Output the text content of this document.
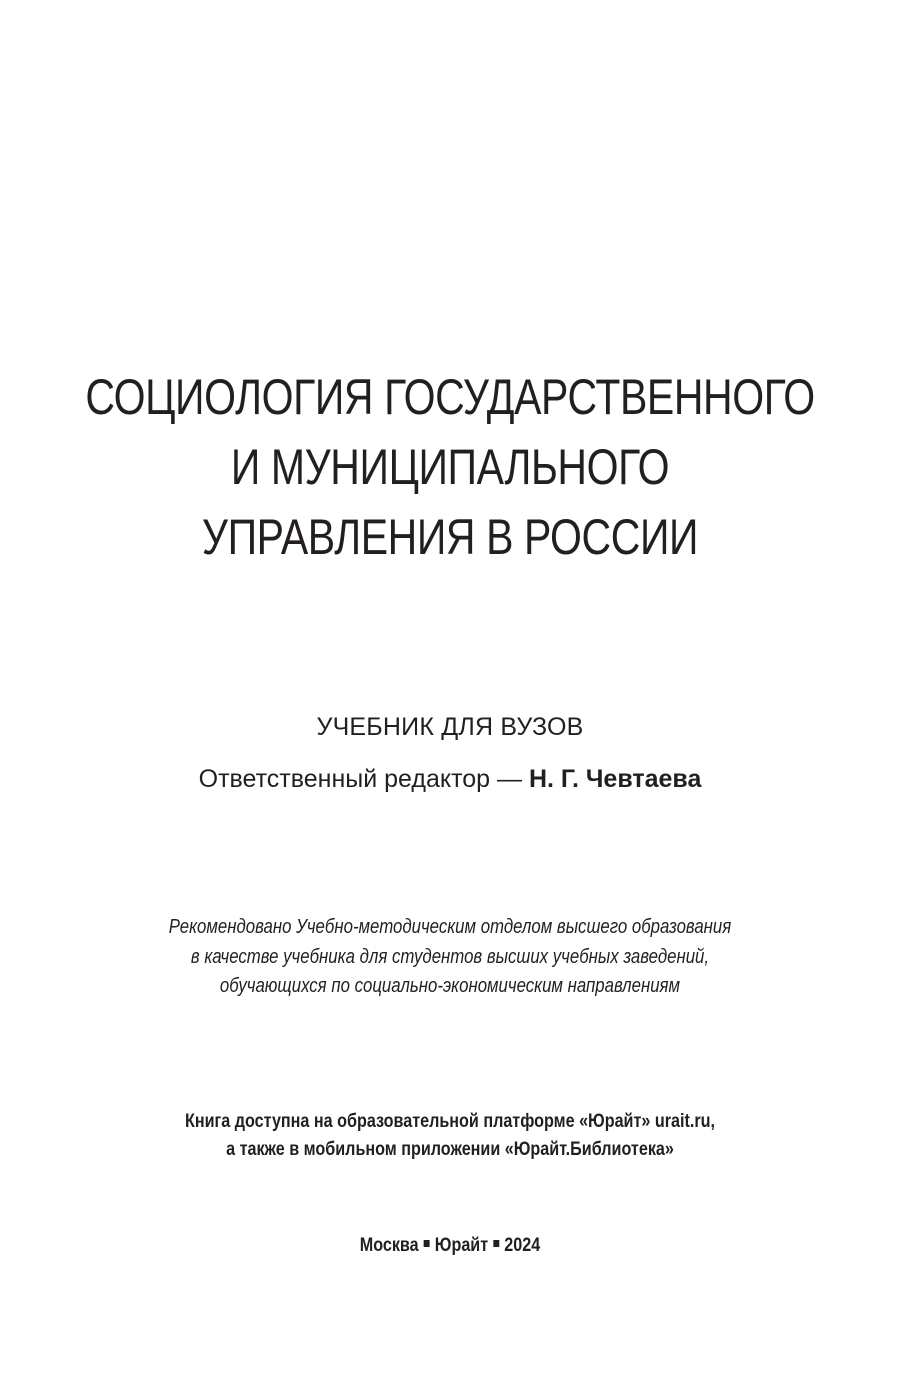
СОЦИОЛОГИЯ ГОСУДАРСТВЕННОГО
И МУНИЦИПАЛЬНОГО
УПРАВЛЕНИЯ В РОССИИ
УЧЕБНИК ДЛЯ ВУЗОВ
Ответственный редактор — Н. Г. Чевтаева
Рекомендовано Учебно-методическим отделом высшего образования
в качестве учебника для студентов высших учебных заведений,
обучающихся по социально-экономическим направлениям
Книга доступна на образовательной платформе «Юрайт» urait.ru,
а также в мобильном приложении «Юрайт.Библиотека»
Москва Юрайт 2024
